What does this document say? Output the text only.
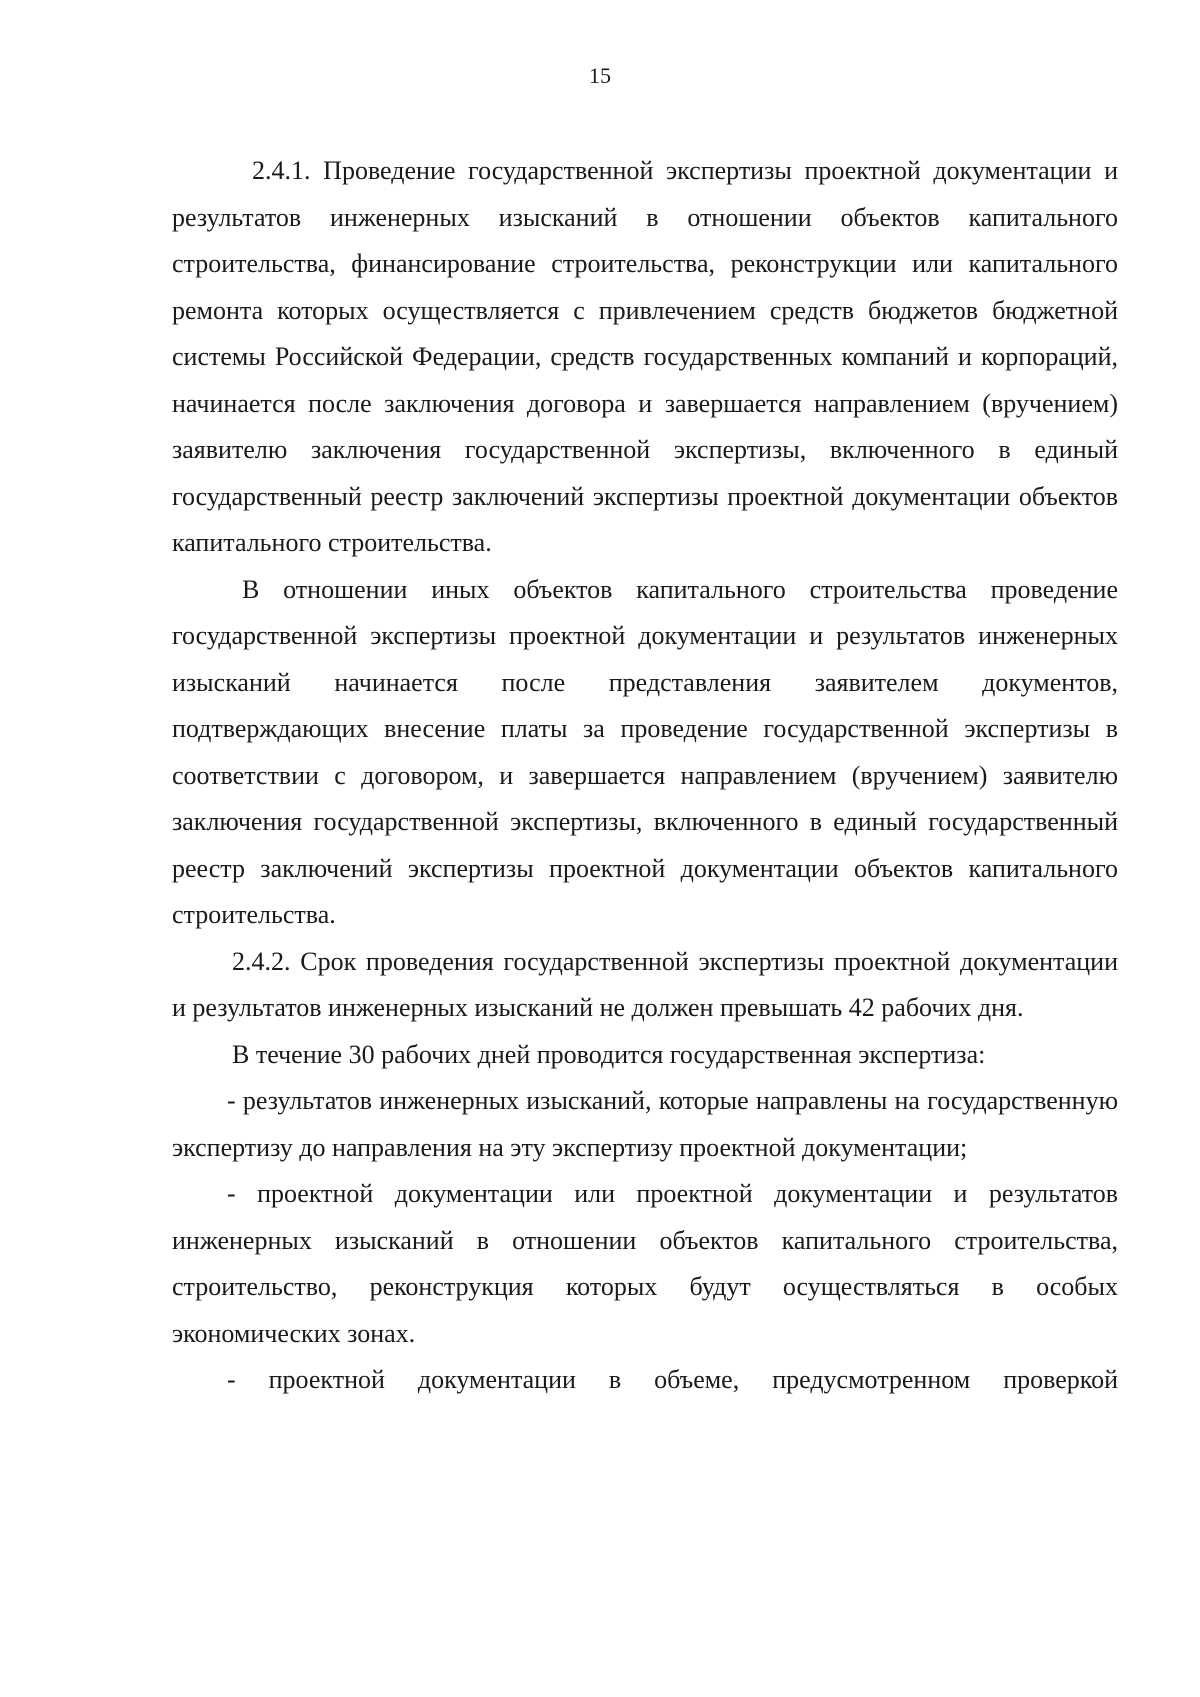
15

2.4.1. Проведение государственной экспертизы проектной документации и результатов инженерных изысканий в отношении объектов капитального строительства, финансирование строительства, реконструкции или капитального ремонта которых осуществляется с привлечением средств бюджетов бюджетной системы Российской Федерации, средств государственных компаний и корпораций, начинается после заключения договора и завершается направлением (вручением) заявителю заключения государственной экспертизы, включенного в единый государственный реестр заключений экспертизы проектной документации объектов капитального строительства.

В отношении иных объектов капитального строительства проведение государственной экспертизы проектной документации и результатов инженерных изысканий начинается после представления заявителем документов, подтверждающих внесение платы за проведение государственной экспертизы в соответствии с договором, и завершается направлением (вручением) заявителю заключения государственной экспертизы, включенного в единый государственный реестр заключений экспертизы проектной документации объектов капитального строительства.

2.4.2. Срок проведения государственной экспертизы проектной документации и результатов инженерных изысканий не должен превышать 42 рабочих дня.

В течение 30 рабочих дней проводится государственная экспертиза:

- результатов инженерных изысканий, которые направлены на государственную экспертизу до направления на эту экспертизу проектной документации;

- проектной документации или проектной документации и результатов инженерных изысканий в отношении объектов капитального строительства, строительство, реконструкция которых будут осуществляться в особых экономических зонах.

- проектной документации в объеме, предусмотренном проверкой
